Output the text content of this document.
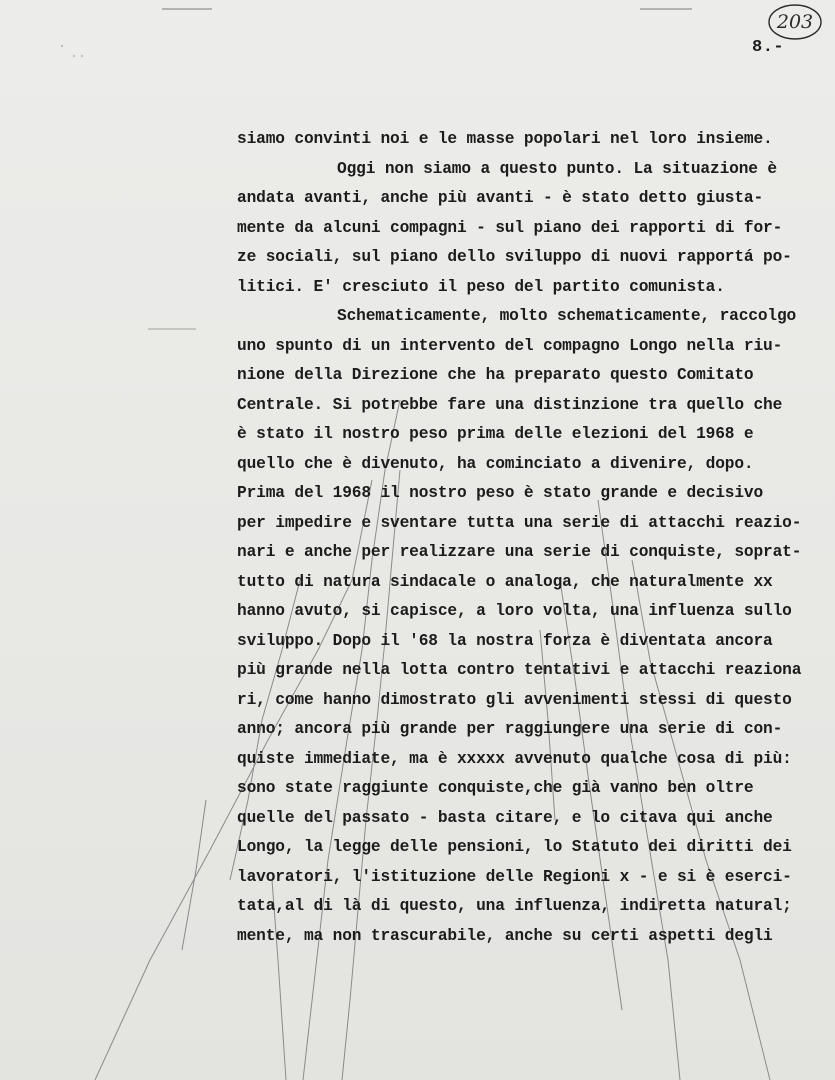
203
8.-
siamo convinti noi e le masse popolari nel loro insieme.
Oggi non siamo a questo punto. La situazione è
andata avanti, anche più avanti - è stato detto giusta-
mente da alcuni compagni - sul piano dei rapporti di for-
ze sociali, sul piano dello sviluppo di nuovi rapportá po-
litici. E' cresciuto il peso del partito comunista.
Schematicamente, molto schematicamente, raccolgo
uno spunto di un intervento del compagno Longo nella riu-
nione della Direzione che ha preparato questo Comitato
Centrale. Si potrebbe fare una distinzione tra quello che
è stato il nostro peso prima delle elezioni del 1968 e
quello che è divenuto, ha cominciato a divenire, dopo.
Prima del 1968 il nostro peso è stato grande e decisivo
per impedire e sventare tutta una serie di attacchi reazio-
nari e anche per realizzare una serie di conquiste, soprat-
tutto di natura sindacale o analoga, che naturalmente xx
hanno avuto, si capisce, a loro volta, una influenza sullo
sviluppo. Dopo il '68 la nostra forza è diventata ancora
più grande nella lotta contro tentativi e attacchi reaziona
ri, come hanno dimostrato gli avvenimenti stessi di questo
anno; ancora più grande per raggiungere una serie di con-
quiste immediate, ma è xxxxx avvenuto qualche cosa di più:
sono state raggiunte conquiste,che già vanno ben oltre
quelle del passato - basta citare, e lo citava qui anche
Longo, la legge delle pensioni, lo Statuto dei diritti dei
lavoratori, l'istituzione delle Regioni x - e si è eserci-
tata,al di là di questo, una influenza, indiretta natural;
mente, ma non trascurabile, anche su certi aspetti degli
